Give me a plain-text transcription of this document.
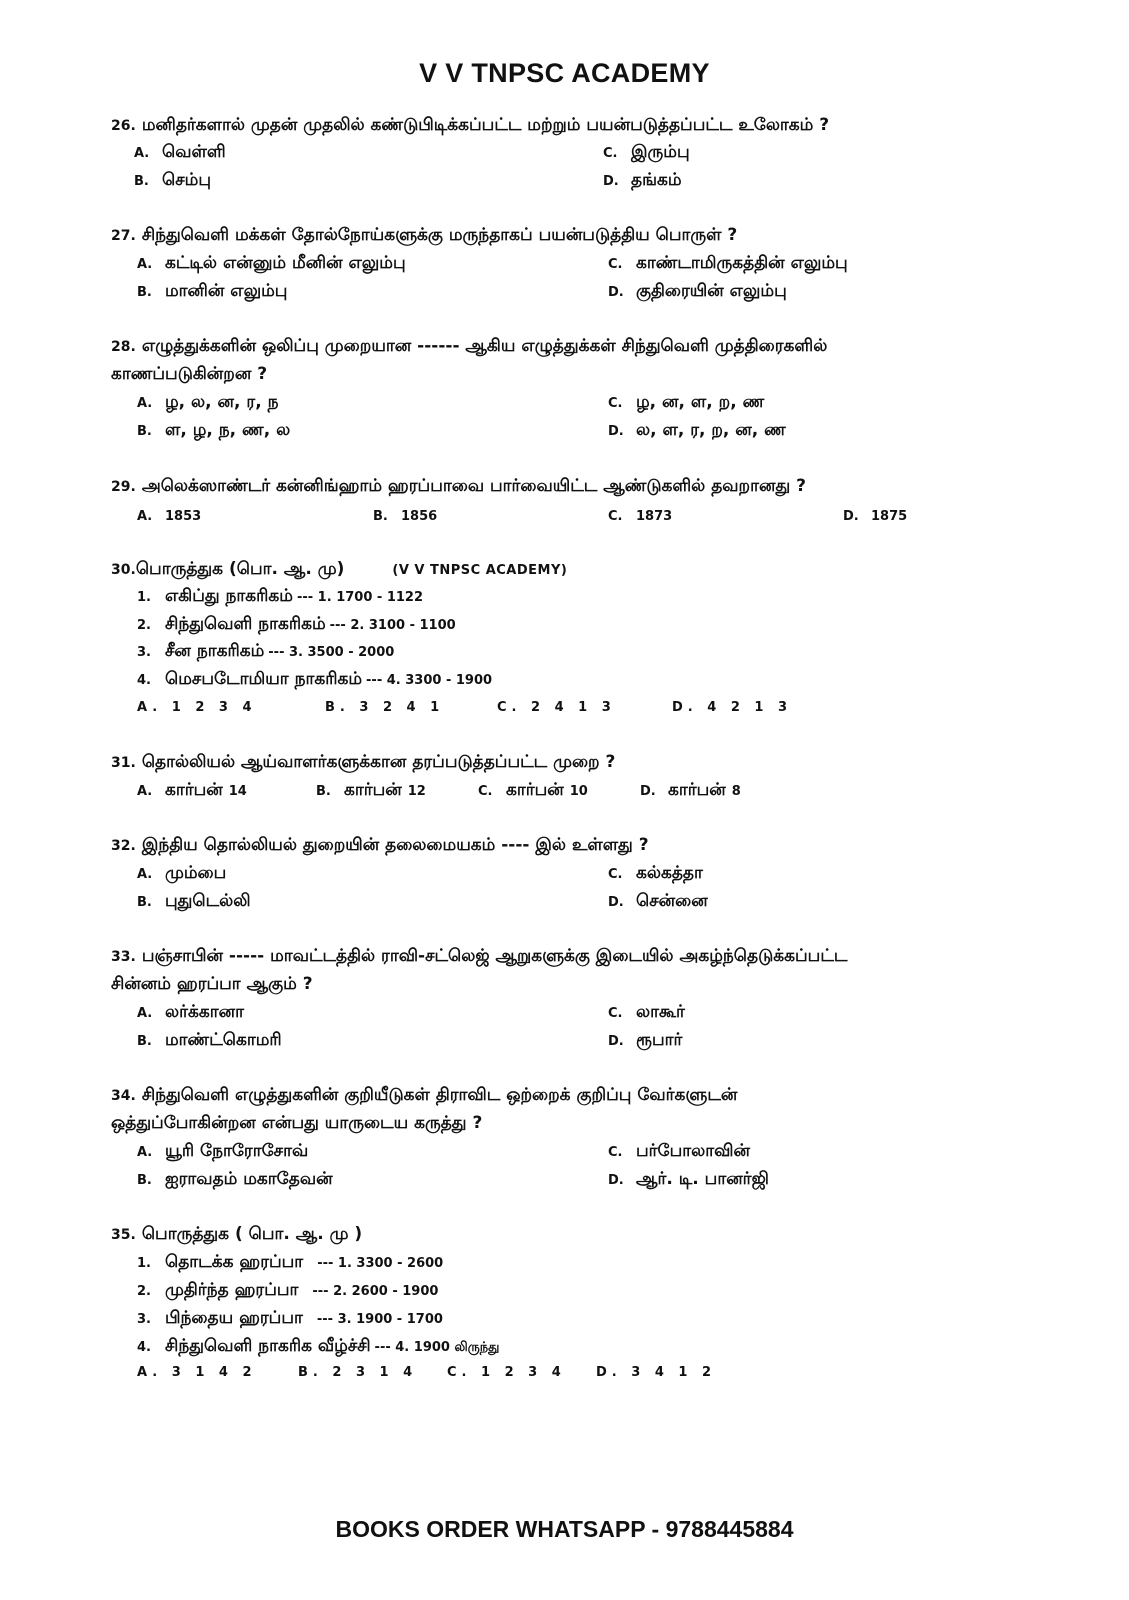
V V TNPSC ACADEMY
26. மனிதர்களால் முதன் முதலில் கண்டுபிடிக்கப்பட்ட மற்றும் பயன்படுத்தப்பட்ட உலோகம் ?
A. வெள்ளி	C. இரும்பு
B. செம்பு	D. தங்கம்
27. சிந்துவெளி மக்கள் தோல்நோய்களுக்கு மருந்தாகப் பயன்படுத்திய பொருள் ?
A. கட்டில் என்னும் மீனின் எலும்பு	C. காண்டாமிருகத்தின் எலும்பு
B. மானின் எலும்பு	D. குதிரையின் எலும்பு
28. எழுத்துக்களின் ஒலிப்பு முறையான ------ ஆகிய எழுத்துக்கள் சிந்துவெளி முத்திரைகளில்
காணப்படுகின்றன ?
A. ழ, ல, ன, ர, ந	C. ழ, ன, ள, ற, ண
B. ள, ழ, ந, ண, ல	D. ல, ள, ர, ற, ன, ண
29. அலெக்ஸாண்டர் கன்னிங்ஹாம் ஹரப்பாவை பார்வையிட்ட ஆண்டுகளில் தவறானது ?
A. 1853	B. 1856	C. 1873	D. 1875
30.பொருத்துக (பொ. ஆ. மு)	(V V TNPSC ACADEMY)
1. எகிப்து நாகரிகம் --- 1. 1700 - 1122
2. சிந்துவெளி நாகரிகம் --- 2. 3100 - 1100
3. சீன நாகரிகம் --- 3. 3500 - 2000
4. மெசபடோமியா நாகரிகம் --- 4. 3300 - 1900
A. 1 2 3 4	B. 3 2 4 1	C. 2 4 1 3	D. 4 2 1 3
31. தொல்லியல் ஆய்வாளர்களுக்கான தரப்படுத்தப்பட்ட முறை ?
A. கார்பன் 14	B. கார்பன் 12	C. கார்பன் 10	D. கார்பன் 8
32. இந்திய தொல்லியல் துறையின் தலைமையகம் ---- இல் உள்ளது ?
A. மும்பை	C. கல்கத்தா
B. புதுடெல்லி	D. சென்னை
33. பஞ்சாபின் ----- மாவட்டத்தில் ராவி-சட்லெஜ் ஆறுகளுக்கு இடையில் அகழ்ந்தெடுக்கப்பட்ட
சின்னம் ஹரப்பா ஆகும் ?
A. லர்க்கானா	C. லாகூர்
B. மாண்ட்கொமரி	D. ரூபார்
34. சிந்துவெளி எழுத்துகளின் குறியீடுகள் திராவிட ஒற்றைக் குறிப்பு வேர்களுடன்
ஒத்துப்போகின்றன என்பது யாருடைய கருத்து ?
A. யூரி நோரோசோவ்	C. பர்போலாவின்
B. ஐராவதம் மகாதேவன்	D. ஆர். டி. பானர்ஜி
35. பொருத்துக ( பொ. ஆ. மு )
1. தொடக்க ஹரப்பா --- 1. 3300 - 2600
2. முதிர்ந்த ஹரப்பா --- 2. 2600 - 1900
3. பிந்தைய ஹரப்பா --- 3. 1900 - 1700
4. சிந்துவெளி நாகரிக வீழ்ச்சி --- 4. 1900 லிருந்து
A. 3 1 4 2	B. 2 3 1 4 C. 1 2 3 4 D. 3 4 1 2
BOOKS ORDER WHATSAPP - 9788445884
